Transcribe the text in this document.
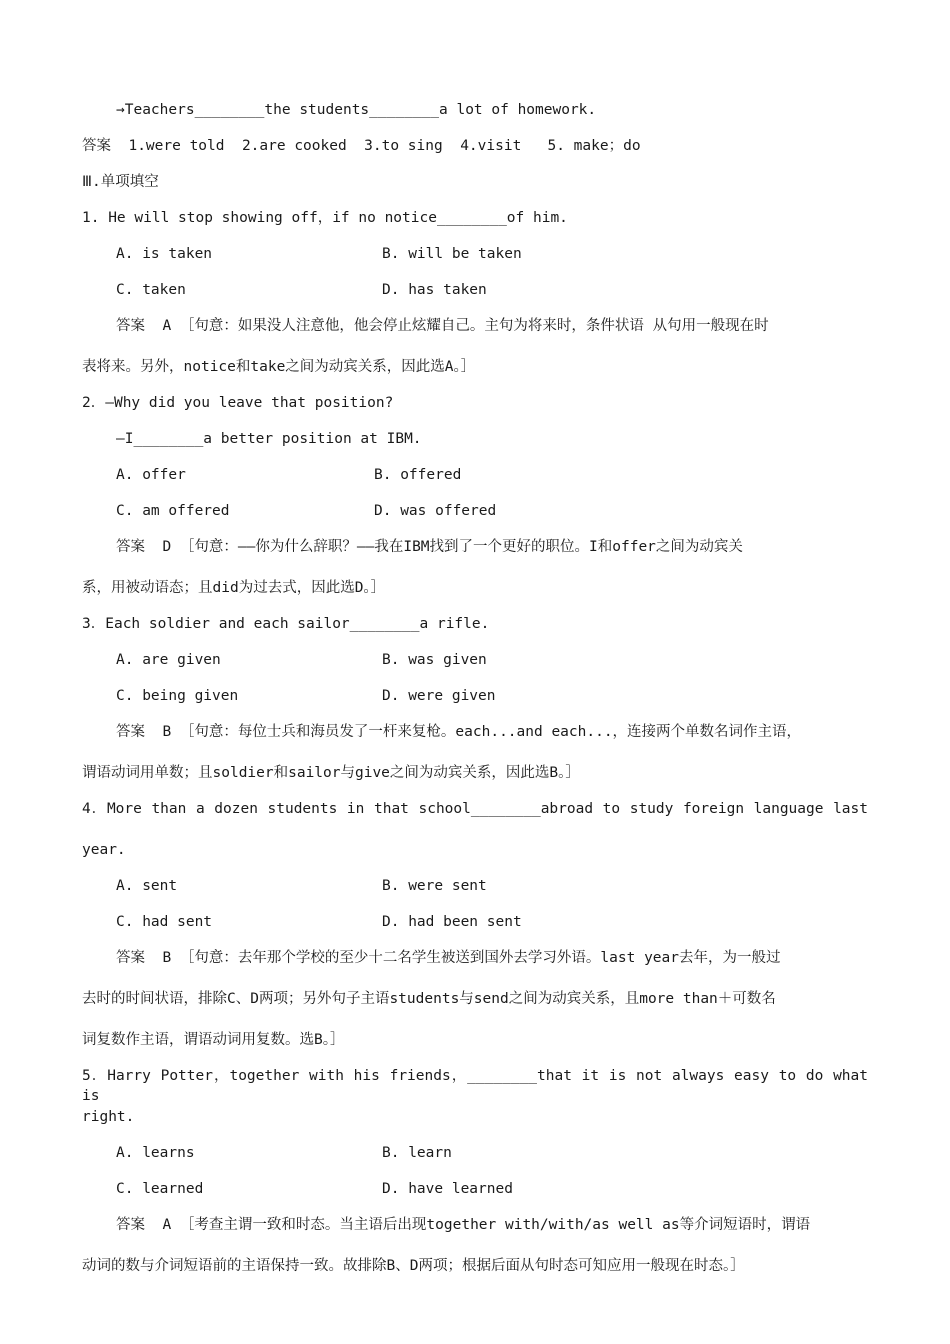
→Teachers________the students________a lot of homework.
答案  1.were told  2.are cooked  3.to sing  4.visit   5. make；do
Ⅲ.单项填空
1. He will stop showing off，if no notice________of him.
A. is taken	B. will be taken
C. taken	D. has taken
答案  A ［句意：如果没人注意他，他会停止炫耀自己。主句为将来时，条件状语 从句用一般现在时
表将来。另外，notice和take之间为动宾关系，因此选A。］
2．—Why did you leave that position?
—I________a better position at IBM.
A. offer	B. offered
C. am offered	D. was offered
答案  D ［句意：——你为什么辞职？——我在IBM找到了一个更好的职位。I和offer之间为动宾关
系，用被动语态；且did为过去式，因此选D。］
3．Each soldier and each sailor________a rifle.
A. are given	B. was given
C. being given	D. were given
答案  B ［句意：每位士兵和海员发了一杆来复枪。each...and each...，连接两个单数名词作主语，
谓语动词用单数；且soldier和sailor与give之间为动宾关系，因此选B。］
4．More than a dozen students in that school________abroad to study foreign language last
year.
A. sent	B. were sent
C. had sent	D. had been sent
答案  B ［句意：去年那个学校的至少十二名学生被送到国外去学习外语。last year去年，为一般过
去时的时间状语，排除C、D两项；另外句子主语students与send之间为动宾关系，且more than＋可数名
词复数作主语，谓语动词用复数。选B。］
5．Harry Potter，together with his friends，________that it is not always easy to do what is
right.
A. learns	B. learn
C. learned	D. have learned
答案  A ［考查主谓一致和时态。当主语后出现together with/with/as well as等介词短语时，谓语
动词的数与介词短语前的主语保持一致。故排除B、D两项；根据后面从句时态可知应用一般现在时态。］
